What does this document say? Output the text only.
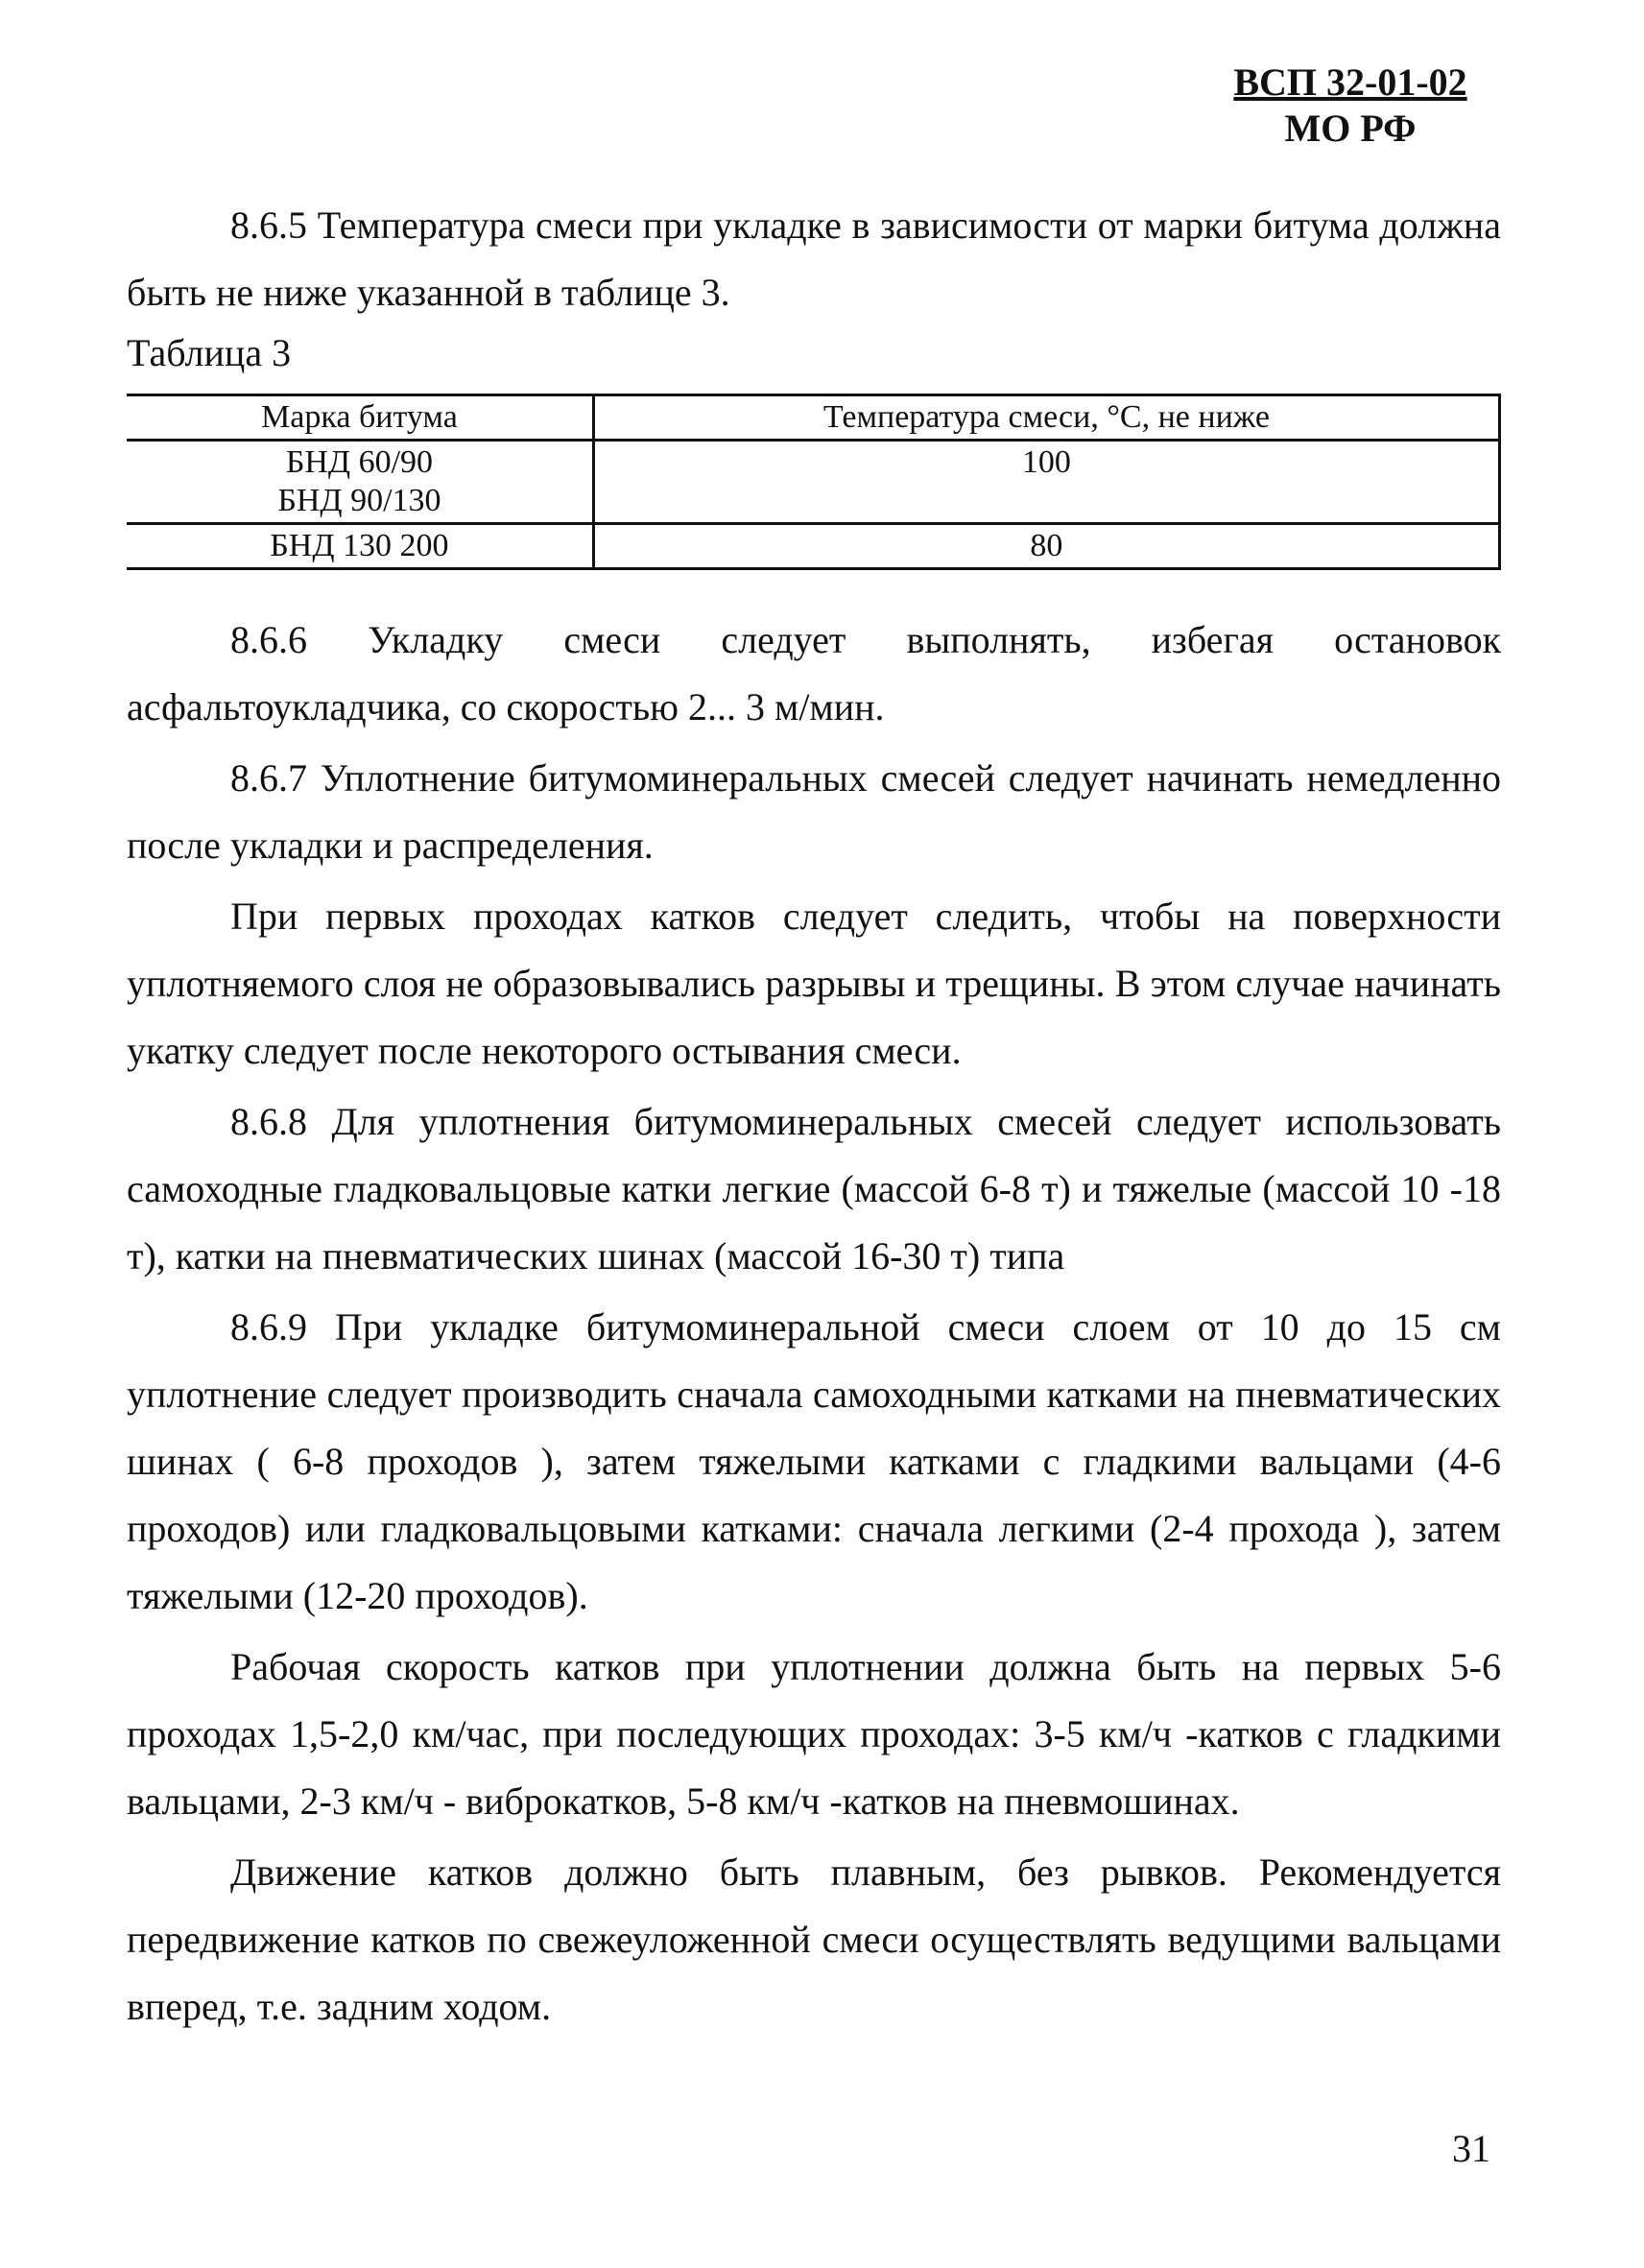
ВСП 32-01-02
МО РФ

8.6.5 Температура смеси при укладке в зависимости от марки битума должна быть не ниже указанной в таблице 3.

Таблица 3

Марка битума	Температура смеси, °С, не ниже

БНД 60/90
БНД 90/130	100

БНД 130 200	80

8.6.6 Укладку смеси следует выполнять, избегая остановок асфальтоукладчика, со скоростью 2... 3 м/мин.

8.6.7 Уплотнение битумоминеральных смесей следует начинать немедленно после укладки и распределения.

При первых проходах катков следует следить, чтобы на поверхности уплотняемого слоя не образовывались разрывы и трещины. В этом случае начинать укатку следует после некоторого остывания смеси.

8.6.8 Для уплотнения битумоминеральных смесей следует использовать самоходные гладковальцовые катки легкие (массой 6-8 т) и тяжелые (массой 10 -18 т), катки на пневматических шинах (массой 16-30 т) типа

8.6.9 При укладке битумоминеральной смеси слоем от 10 до 15 см уплотнение следует производить сначала самоходными катками на пневматических шинах ( 6-8 проходов ), затем тяжелыми катками с гладкими вальцами (4-6 проходов) или гладковальцовыми катками: сначала легкими (2-4 прохода ), затем тяжелыми (12-20 проходов).

Рабочая скорость катков при уплотнении должна быть на первых 5-6 проходах 1,5-2,0 км/час, при последующих проходах: 3-5 км/ч -катков с гладкими вальцами, 2-3 км/ч - виброкатков, 5-8 км/ч -катков на пневмошинах.

Движение катков должно быть плавным, без рывков. Рекомендуется передвижение катков по свежеуложенной смеси осуществлять ведущими вальцами вперед, т.е. задним ходом.

31
